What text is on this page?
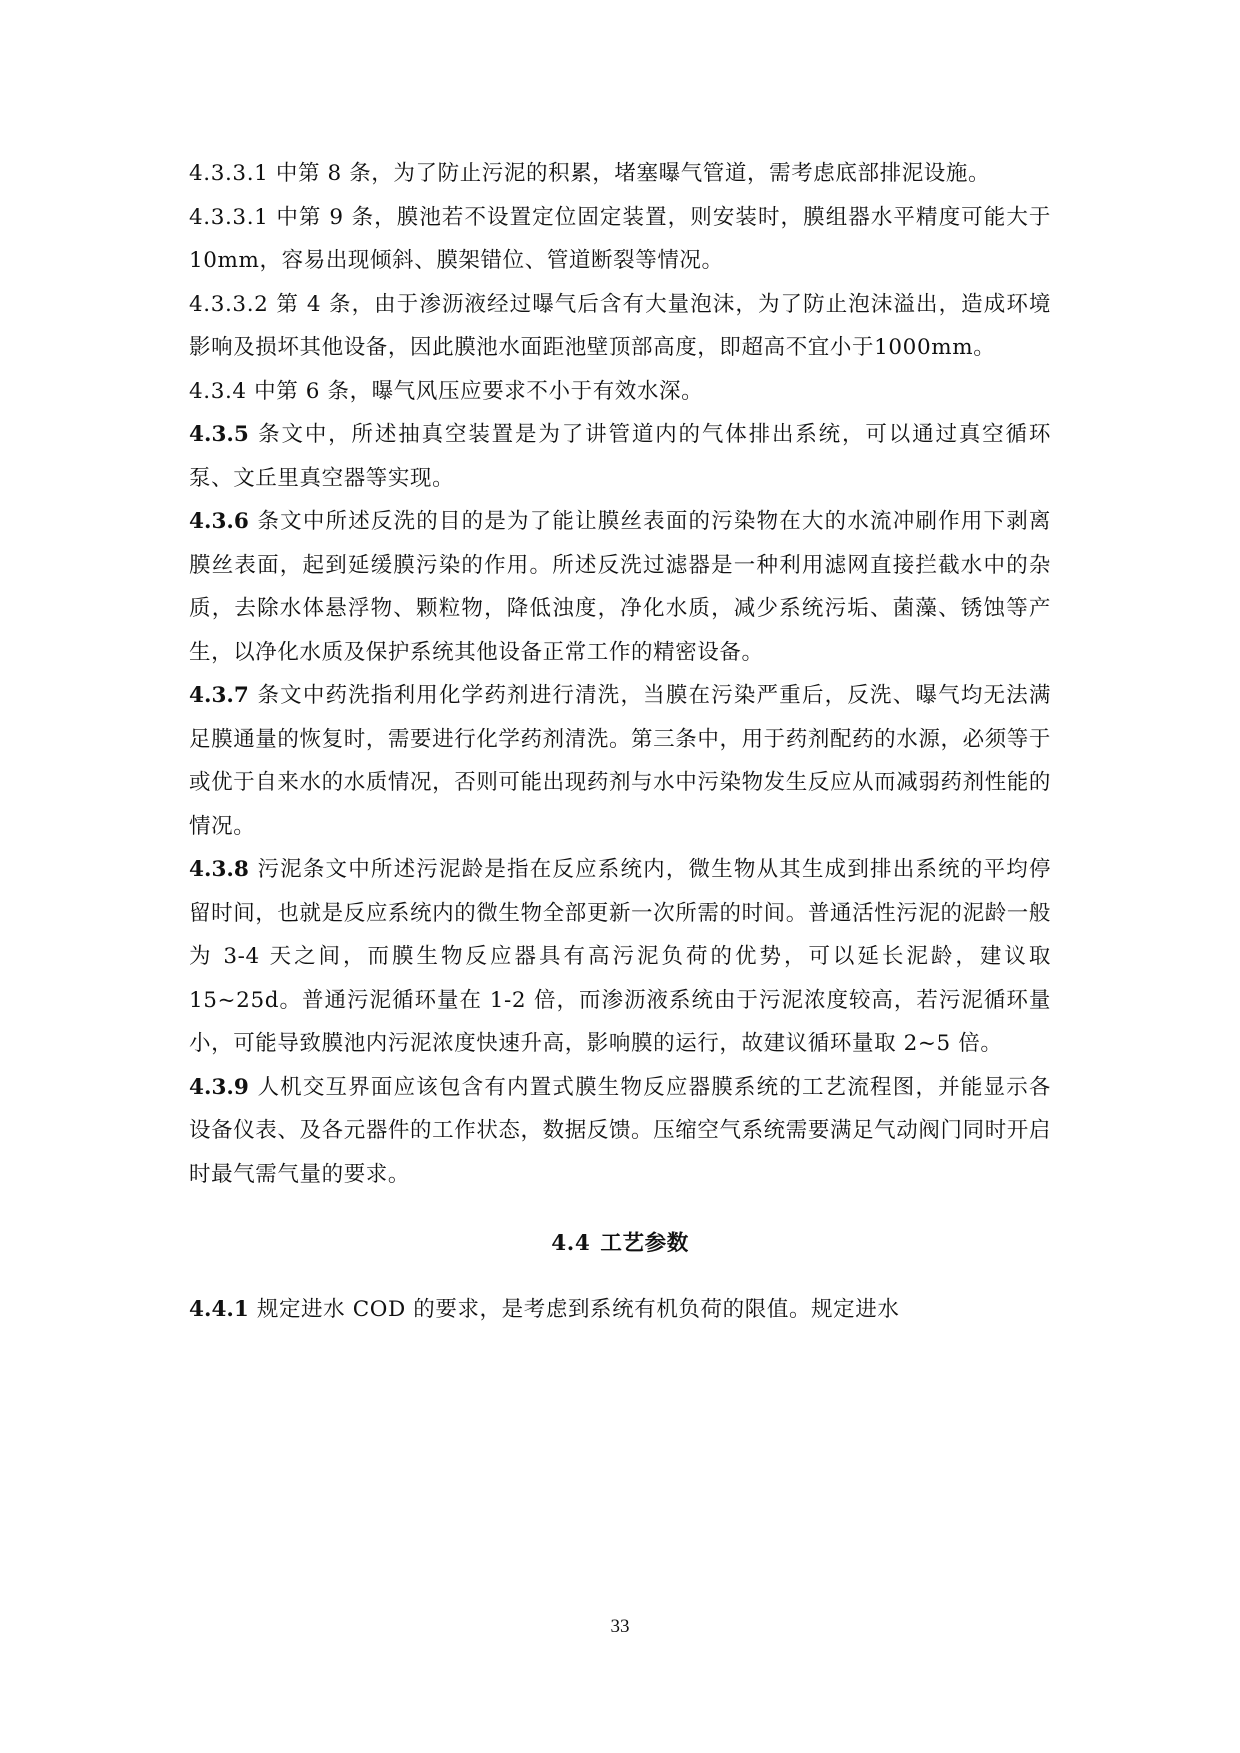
4.3.3.1 中第 8 条，为了防止污泥的积累，堵塞曝气管道，需考虑底部排泥设施。

4.3.3.1 中第 9 条，膜池若不设置定位固定装置，则安装时，膜组器水平精度可能大于 10mm，容易出现倾斜、膜架错位、管道断裂等情况。

4.3.3.2 第 4 条，由于渗沥液经过曝气后含有大量泡沫，为了防止泡沫溢出，造成环境影响及损坏其他设备，因此膜池水面距池壁顶部高度，即超高不宜小于1000mm。

4.3.4 中第 6 条，曝气风压应要求不小于有效水深。

4.3.5 条文中，所述抽真空装置是为了讲管道内的气体排出系统，可以通过真空循环泵、文丘里真空器等实现。

4.3.6 条文中所述反洗的目的是为了能让膜丝表面的污染物在大的水流冲刷作用下剥离膜丝表面，起到延缓膜污染的作用。所述反洗过滤器是一种利用滤网直接拦截水中的杂质，去除水体悬浮物、颗粒物，降低浊度，净化水质，减少系统污垢、菌藻、锈蚀等产生，以净化水质及保护系统其他设备正常工作的精密设备。

4.3.7 条文中药洗指利用化学药剂进行清洗，当膜在污染严重后，反洗、曝气均无法满足膜通量的恢复时，需要进行化学药剂清洗。第三条中，用于药剂配药的水源，必须等于或优于自来水的水质情况，否则可能出现药剂与水中污染物发生反应从而减弱药剂性能的情况。

4.3.8 污泥条文中所述污泥龄是指在反应系统内，微生物从其生成到排出系统的平均停留时间，也就是反应系统内的微生物全部更新一次所需的时间。普通活性污泥的泥龄一般为 3-4 天之间，而膜生物反应器具有高污泥负荷的优势，可以延长泥龄，建议取 15~25d。普通污泥循环量在 1-2 倍，而渗沥液系统由于污泥浓度较高，若污泥循环量小，可能导致膜池内污泥浓度快速升高，影响膜的运行，故建议循环量取 2~5 倍。

4.3.9 人机交互界面应该包含有内置式膜生物反应器膜系统的工艺流程图，并能显示各设备仪表、及各元器件的工作状态，数据反馈。压缩空气系统需要满足气动阀门同时开启时最气需气量的要求。

4.4 工艺参数

4.4.1 规定进水 COD 的要求，是考虑到系统有机负荷的限值。规定进水

33
